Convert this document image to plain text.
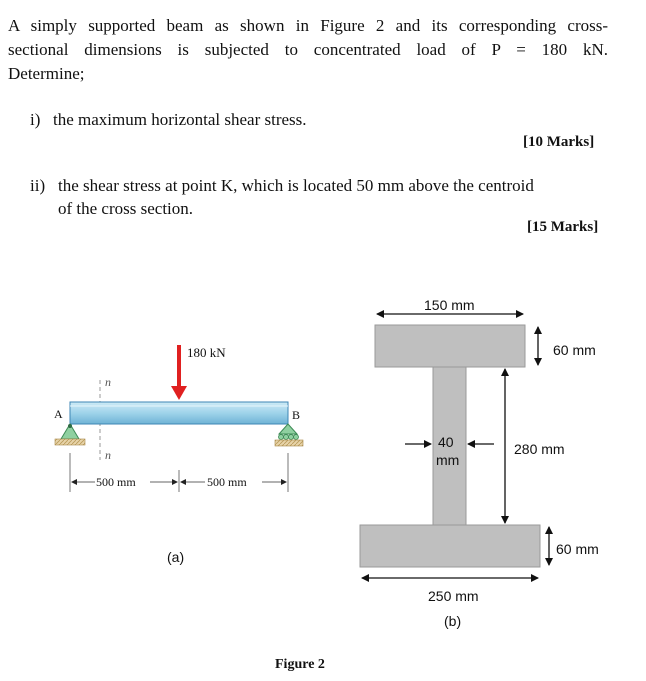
A simply supported beam as shown in Figure 2 and its corresponding cross-
sectional dimensions is subjected to concentrated load of P = 180 kN.
Determine;
i) the maximum horizontal shear stress.
[10 Marks]
ii) the shear stress at point K, which is located 50 mm above the centroid
of the cross section.
[15 Marks]
180 kN
A	B
n
n
500 mm	500 mm
(a)
150 mm
60 mm
40
mm
280 mm
60 mm
250 mm
(b)
Figure 2
